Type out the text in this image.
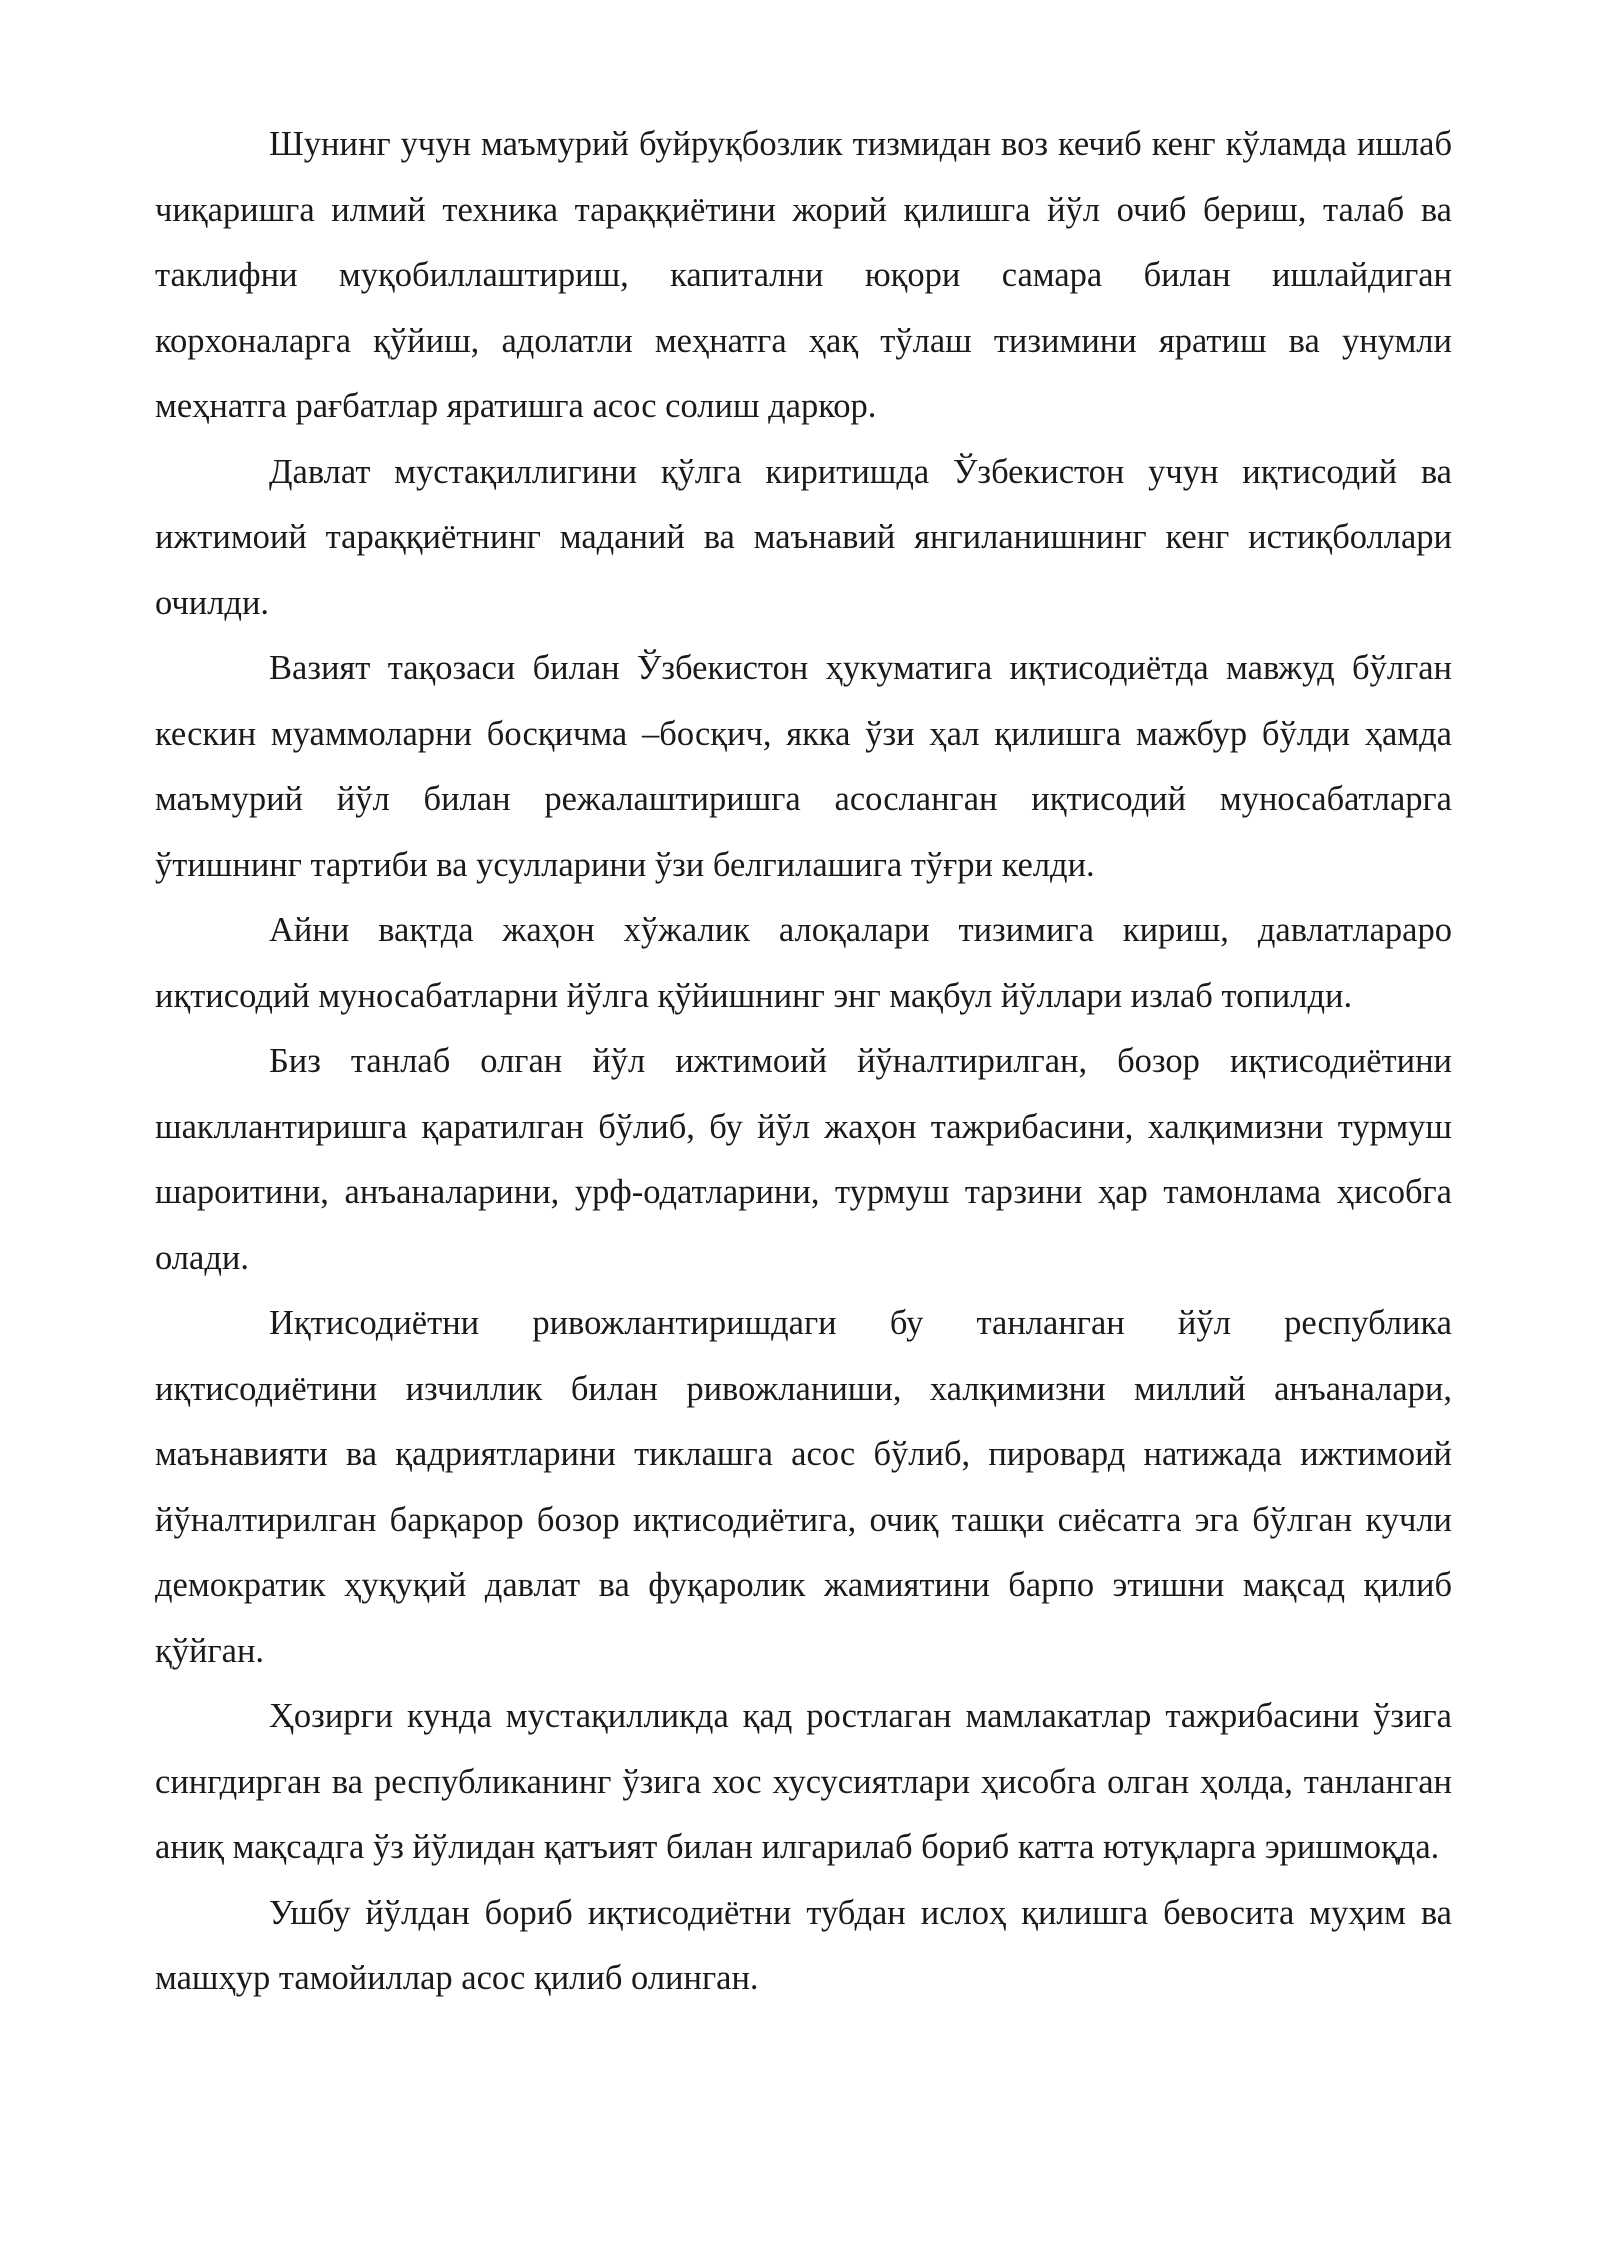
Шунинг учун маъмурий буйруқбозлик тизмидан воз кечиб кенг кўламда ишлаб чиқаришга илмий техника тараққиётини жорий қилишга йўл очиб бериш, талаб ва таклифни муқобиллаштириш, капитални юқори самара билан ишлайдиган корхоналарга қўйиш, адолатли меҳнатга ҳақ тўлаш тизимини яратиш ва унумли меҳнатга рағбатлар яратишга асос солиш даркор.

Давлат мустақиллигини қўлга киритишда Ўзбекистон учун иқтисодий ва ижтимоий тараққиётнинг маданий ва маънавий янгиланишнинг кенг истиқболлари очилди.

Вазият тақозаси билан Ўзбекистон ҳукуматига иқтисодиётда мавжуд бўлган кескин муаммоларни босқичма –босқич, якка ўзи ҳал қилишга мажбур бўлди ҳамда маъмурий йўл билан режалаштиришга асосланган иқтисодий муносабатларга ўтишнинг тартиби ва усулларини ўзи белгилашига тўғри келди.

Айни вақтда жаҳон хўжалик алоқалари тизимига кириш, давлатлараро иқтисодий муносабатларни йўлга қўйишнинг энг мақбул йўллари излаб топилди.

Биз танлаб олган йўл ижтимоий йўналтирилган, бозор иқтисодиётини шакллантиришга қаратилган бўлиб, бу йўл жаҳон тажрибасини, халқимизни турмуш шароитини, анъаналарини, урф-одатларини, турмуш тарзини ҳар тамонлама ҳисобга олади.

Иқтисодиётни ривожлантиришдаги бу танланган йўл республика иқтисодиётини изчиллик билан ривожланиши, халқимизни миллий анъаналари, маънавияти ва қадриятларини тиклашга асос бўлиб, пировард натижада ижтимоий йўналтирилган барқарор бозор иқтисодиётига, очиқ ташқи сиёсатга эга бўлган кучли демократик ҳуқуқий давлат ва фуқаролик жамиятини барпо этишни мақсад қилиб қўйган.

Ҳозирги кунда мустақилликда қад ростлаган мамлакатлар тажрибасини ўзига сингдирган ва республиканинг ўзига хос хусусиятлари ҳисобга олган ҳолда, танланган аниқ мақсадга ўз йўлидан қатъият билан илгарилаб бориб катта ютуқларга эришмоқда.

Ушбу йўлдан бориб иқтисодиётни тубдан ислоҳ қилишга бевосита муҳим ва машҳур тамойиллар асос қилиб олинган.
